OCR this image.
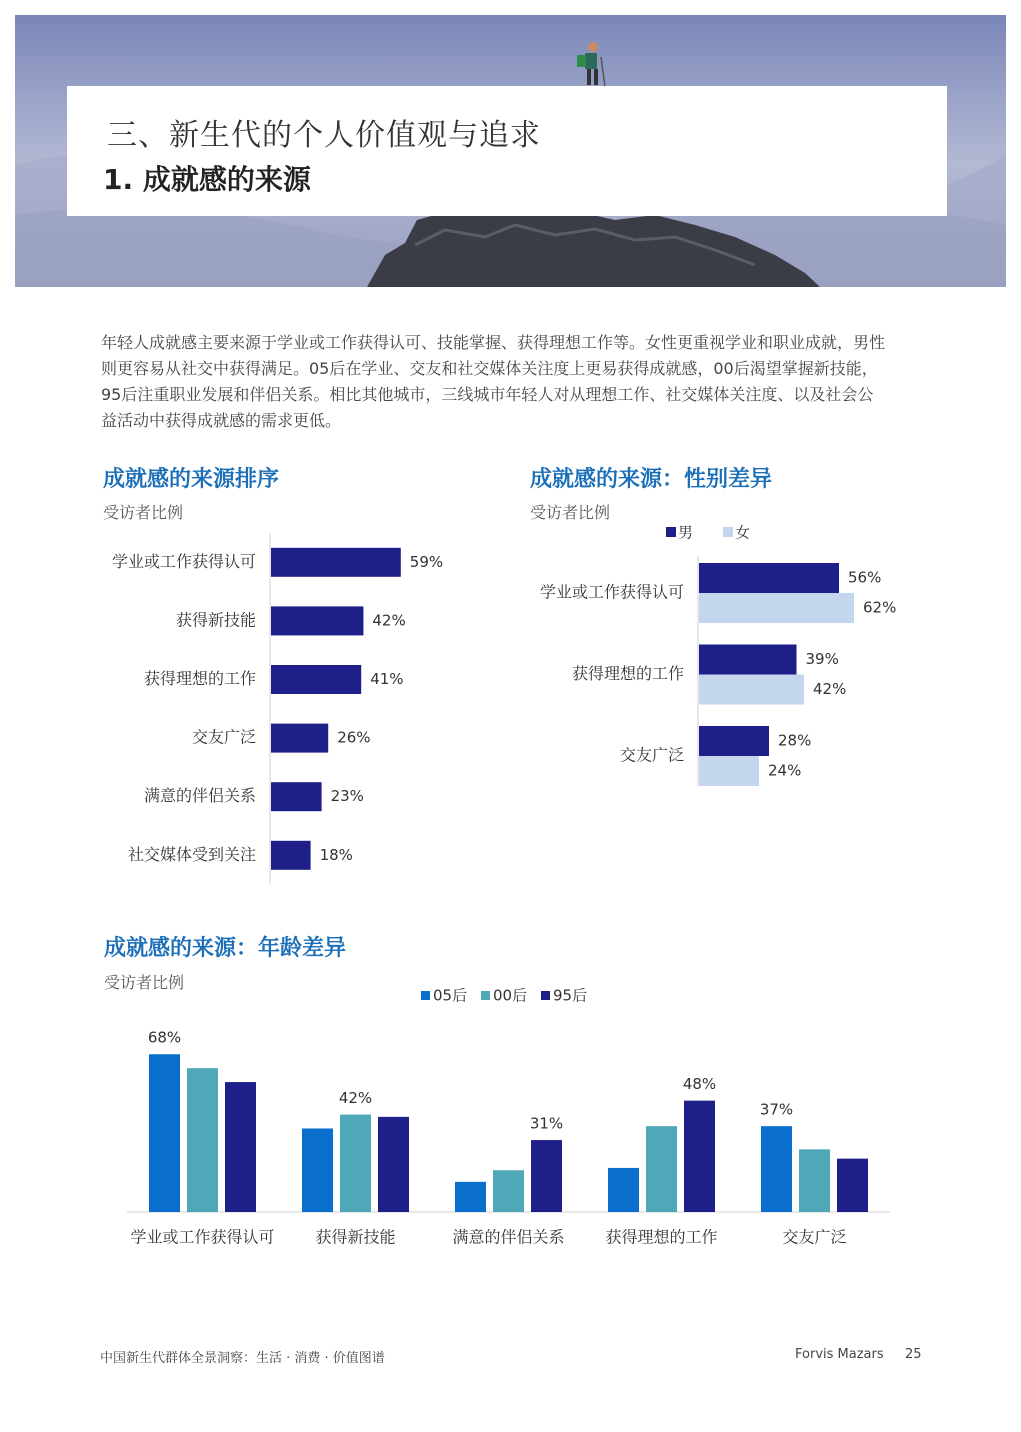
三、新生代的个人价值观与追求
1. 成就感的来源

年轻人成就感主要来源于学业或工作获得认可、技能掌握、获得理想工作等。女性更重视学业和职业成就，男性

则更容易从社交中获得满足。05后在学业、交友和社交媒体关注度上更易获得成就感，00后渴望掌握新技能，

95后注重职业发展和伴侣关系。相比其他城市，三线城市年轻人对从理想工作、社交媒体关注度、以及社会公

益活动中获得成就感的需求更低。

成就感的来源排序
受访者比例
学业或工作获得认可	59%
获得新技能	42%
获得理想的工作	41%
交友广泛	26%
满意的伴侣关系	23%
社交媒体受到关注	18%
成就感的来源：性别差异
受访者比例
男	女
学业或工作获得认可
56%
62%
获得理想的工作
39%
42%
交友广泛
28%
24%
成就感的来源：年龄差异
受访者比例
05后 00后 95后
学业或工作获得认可	获得新技能	满意的伴侣关系	获得理想的工作	交友广泛
68%
42%
31%
48%
37%
中国新生代群体全景洞察：生活 · 消费 · 价值图谱	Forvis Mazars 25
